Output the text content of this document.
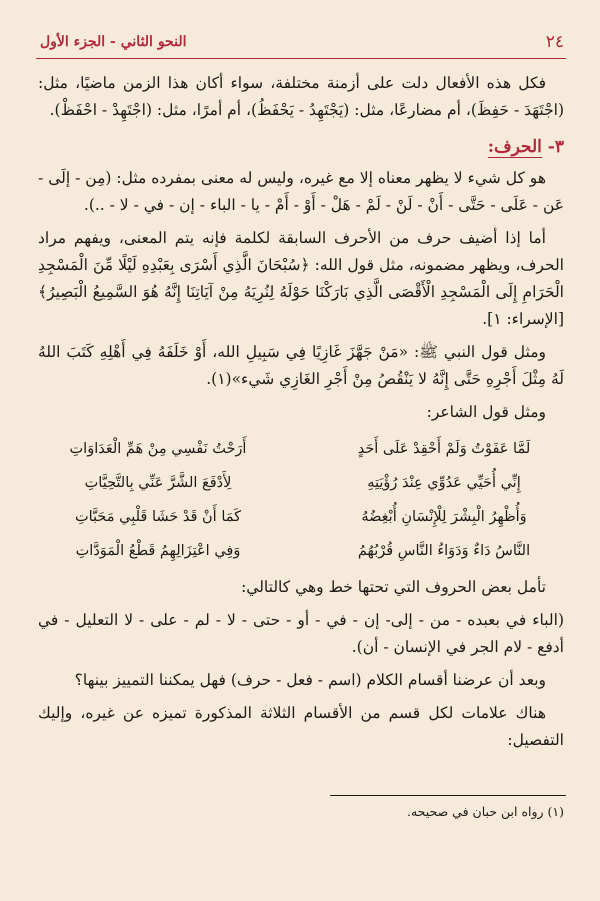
٢٤
النحو الثاني - الجزء الأول

فكل هذه الأفعال دلت على أزمنة مختلفة، سواء أكان هذا الزمن ماضيًا، مثل: (اجْتَهَدَ - حَفِظَ)، أم مضارعًا، مثل: (يَجْتَهِدُ - يَحْفَظُ)، أم أمرًا، مثل: (اجْتَهِدْ - احْفَظْ).

٣- الحرف:

هو كل شيء لا يظهر معناه إلا مع غيره، وليس له معنى بمفرده مثل: (مِن - إلَى - عَن - عَلَى - حَتَّى - أَنْ - لَنْ - لَمْ - هَلْ - أَوْ - أَمْ - يا - الباء - إن - في - لا - ..).

أما إذا أضيف حرف من الأحرف السابقة لكلمة فإنه يتم المعنى، ويفهم مراد الحرف، ويظهر مضمونه، مثل قول الله: ﴿سُبْحَانَ الَّذِي أَسْرَى بِعَبْدِهِ لَيْلًا مِّنَ الْمَسْجِدِ الْحَرَامِ إِلَى الْمَسْجِدِ الْأَقْصَى الَّذِي بَارَكْنَا حَوْلَهُ لِنُرِيَهُ مِنْ آيَاتِنَا إِنَّهُ هُوَ السَّمِيعُ الْبَصِيرُ﴾ [الإسراء: ١].

ومثل قول النبي ﷺ: «مَنْ جَهَّزَ غَازِيًا فِي سَبِيلِ الله، أَوْ خَلَفَهُ فِي أَهْلِهِ كَتَبَ اللهُ لَهُ مِثْلَ أَجْرِهِ حَتَّى إِنَّهُ لا يَنْقُصُ مِنْ أَجْرِ الغَازِي شَيء»(١).

ومثل قول الشاعر:

لَمَّا عَفَوْتُ وَلَمْ أَحْقِدْ عَلَى أَحَدٍ
أَرَحْتُ نَفْسِي مِنْ هَمِّ الْعَدَاوَاتِ
إِنِّي أُحَيِّي عَدُوِّي عِنْدَ رُؤْيَتِهِ
لِأَدْفَعَ الشَّرَّ عَنِّي بِالتَّحِيَّاتِ
وَأُظْهِرُ الْبِشْرَ لِلْإِنْسَانِ أُبْغِضُهُ
كَمَا أَنْ قَدْ حَشَا قَلْبِي مَحَبَّاتِ
النَّاسُ دَاءٌ وَدَوَاءُ النَّاسِ قُرْبُهُمُ
وَفِي اعْتِزَالِهِمُ قَطْعُ الْمَوَدَّاتِ

تأمل بعض الحروف التي تحتها خط وهي كالتالي:

(الباء في بعبده - من - إلى- إن - في - أو - حتى - لا - لم - على - لا التعليل - في أدفع - لام الجر في الإنسان - أن).

وبعد أن عرضنا أقسام الكلام (اسم - فعل - حرف) فهل يمكننا التمييز بينها؟

هناك علامات لكل قسم من الأقسام الثلاثة المذكورة تميزه عن غيره، وإليك التفصيل:

(١) رواه ابن حبان في صحيحه.
